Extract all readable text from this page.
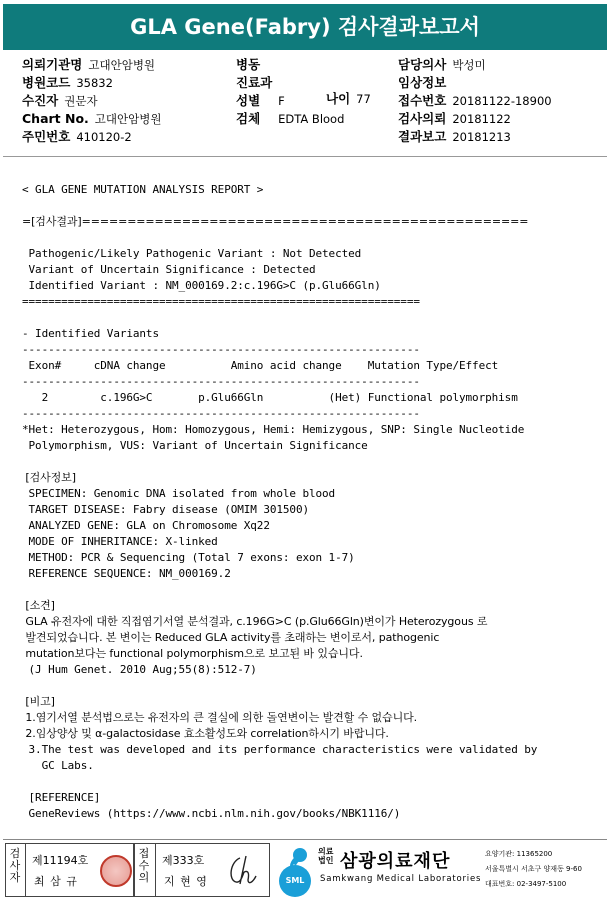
GLA Gene(Fabry) 검사결과보고서
의뢰기관명 고대안암병원
병원코드 35832
수진자 권문자
Chart No. 고대안암병원
주민번호 410120-2
병동
진료과
성별 F
검체 EDTA Blood
나이 77
담당의사 박성미
임상정보
접수번호 20181122-18900
검사의뢰 20181122
결과보고 20181213
< GLA GENE MUTATION ANALYSIS REPORT >
=[검사결과]=================================================
Pathogenic/Likely Pathogenic Variant : Not Detected
Variant of Uncertain Significance : Detected
Identified Variant : NM_000169.2:c.196G>C (p.Glu66Gln)
=============================================================
- Identified Variants
-------------------------------------------------------------
Exon#     cDNA change          Amino acid change    Mutation Type/Effect
-------------------------------------------------------------
2        c.196G>C       p.Glu66Gln          (Het) Functional polymorphism
-------------------------------------------------------------
*Het: Heterozygous, Hom: Homozygous, Hemi: Hemizygous, SNP: Single Nucleotide
Polymorphism, VUS: Variant of Uncertain Significance
[검사정보]
SPECIMEN: Genomic DNA isolated from whole blood
TARGET DISEASE: Fabry disease (OMIM 301500)
ANALYZED GENE: GLA on Chromosome Xq22
MODE OF INHERITANCE: X-linked
METHOD: PCR & Sequencing (Total 7 exons: exon 1-7)
REFERENCE SEQUENCE: NM_000169.2
[소견]
GLA 유전자에 대한 직접염기서열 분석결과, c.196G>C (p.Glu66Gln)변이가 Heterozygous 로
발견되었습니다. 본 변이는 Reduced GLA activity를 초래하는 변이로서, pathogenic
mutation보다는 functional polymorphism으로 보고된 바 있습니다.
(J Hum Genet. 2010 Aug;55(8):512-7)
[비고]
1.염기서열 분석법으로는 유전자의 큰 결실에 의한 돌연변이는 발견할 수 없습니다.
2.임상양상 및 α-galactosidase 효소활성도와 correlation하시기 바랍니다.
3.The test was developed and its performance characteristics were validated by
GC Labs.
[REFERENCE]
GeneReviews (https://www.ncbi.nlm.nih.gov/books/NBK1116/)
검사자
제11194호
최 삼 규
접수의
제333호
지 현 영	SML
의료법인 삼광의료재단
Samkwang Medical Laboratories
요양기관: 11365200
서울특별시 서초구 양재동 9-60
대표번호: 02-3497-5100
